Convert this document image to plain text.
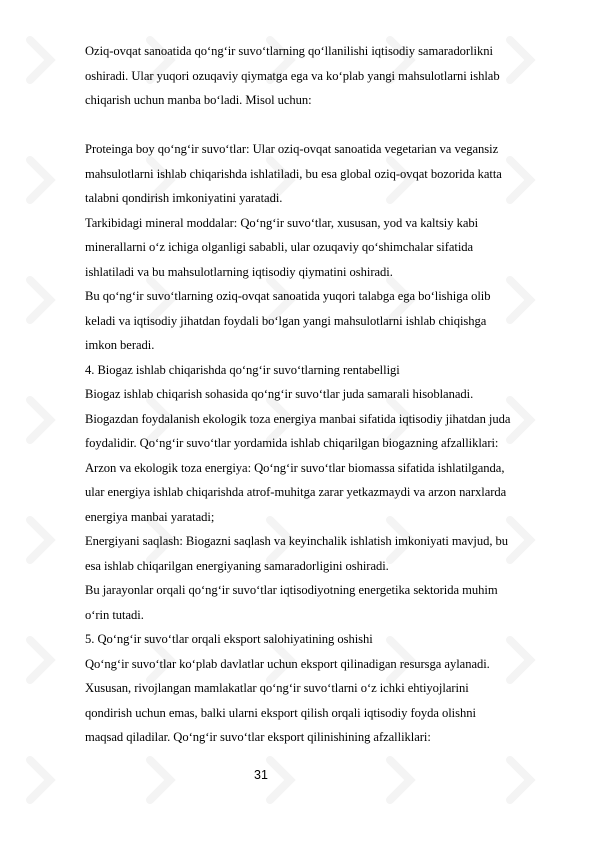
Oziq-ovqat sanoatida qo‘ng‘ir suvo‘tlarning qo‘llanilishi iqtisodiy samaradorlikni
oshiradi. Ular yuqori ozuqaviy qiymatga ega va ko‘plab yangi mahsulotlarni ishlab
chiqarish uchun manba bo‘ladi. Misol uchun:
Proteinga boy qo‘ng‘ir suvo‘tlar: Ular oziq-ovqat sanoatida vegetarian va vegansiz
mahsulotlarni ishlab chiqarishda ishlatiladi, bu esa global oziq-ovqat bozorida katta
talabni qondirish imkoniyatini yaratadi.
Tarkibidagi mineral moddalar: Qo‘ng‘ir suvo‘tlar, xususan, yod va kaltsiy kabi
minerallarni o‘z ichiga olganligi sababli, ular ozuqaviy qo‘shimchalar sifatida
ishlatiladi va bu mahsulotlarning iqtisodiy qiymatini oshiradi.
Bu qo‘ng‘ir suvo‘tlarning oziq-ovqat sanoatida yuqori talabga ega bo‘lishiga olib
keladi va iqtisodiy jihatdan foydali bo‘lgan yangi mahsulotlarni ishlab chiqishga
imkon beradi.
4. Biogaz ishlab chiqarishda qo‘ng‘ir suvo‘tlarning rentabelligi
Biogaz ishlab chiqarish sohasida qo‘ng‘ir suvo‘tlar juda samarali hisoblanadi.
Biogazdan foydalanish ekologik toza energiya manbai sifatida iqtisodiy jihatdan juda
foydalidir. Qo‘ng‘ir suvo‘tlar yordamida ishlab chiqarilgan biogazning afzalliklari:
Arzon va ekologik toza energiya: Qo‘ng‘ir suvo‘tlar biomassa sifatida ishlatilganda,
ular energiya ishlab chiqarishda atrof-muhitga zarar yetkazmaydi va arzon narxlarda
energiya manbai yaratadi;
Energiyani saqlash: Biogazni saqlash va keyinchalik ishlatish imkoniyati mavjud, bu
esa ishlab chiqarilgan energiyaning samaradorligini oshiradi.
Bu jarayonlar orqali qo‘ng‘ir suvo‘tlar iqtisodiyotning energetika sektorida muhim
o‘rin tutadi.
5. Qo‘ng‘ir suvo‘tlar orqali eksport salohiyatining oshishi
Qo‘ng‘ir suvo‘tlar ko‘plab davlatlar uchun eksport qilinadigan resursga aylanadi.
Xususan, rivojlangan mamlakatlar qo‘ng‘ir suvo‘tlarni o‘z ichki ehtiyojlarini
qondirish uchun emas, balki ularni eksport qilish orqali iqtisodiy foyda olishni
maqsad qiladilar. Qo‘ng‘ir suvo‘tlar eksport qilinishining afzalliklari:
31
